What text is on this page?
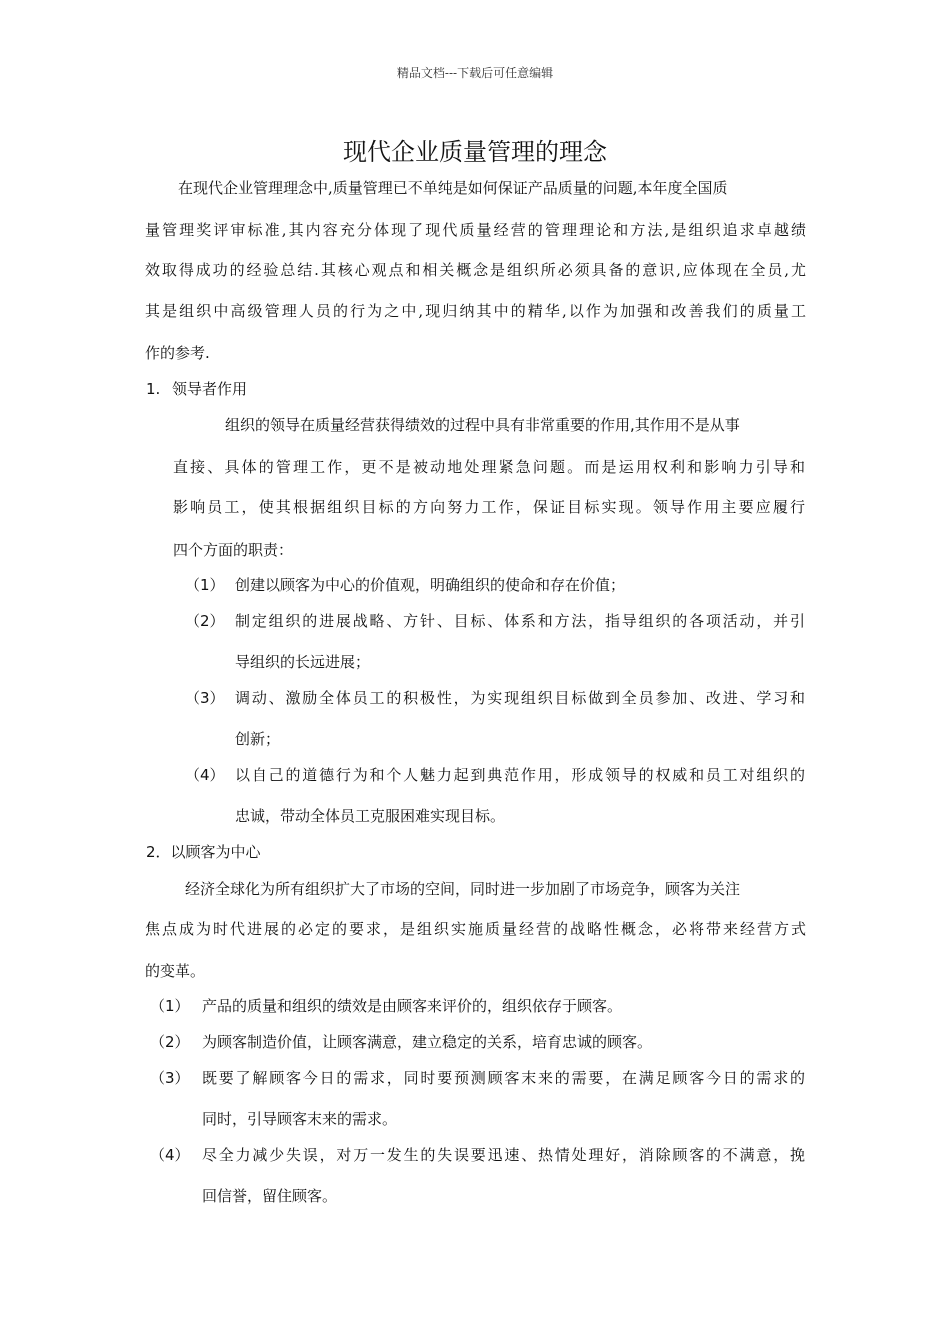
精品文档---下载后可任意编辑
现代企业质量管理的理念
在现代企业管理理念中,质量管理已不单纯是如何保证产品质量的问题,本年度全国质
量管理奖评审标准,其内容充分体现了现代质量经营的管理理论和方法,是组织追求卓越绩
效取得成功的经验总结.其核心观点和相关概念是组织所必须具备的意识,应体现在全员,尤
其是组织中高级管理人员的行为之中,现归纳其中的精华,以作为加强和改善我们的质量工
作的参考.
1. 领导者作用
组织的领导在质量经营获得绩效的过程中具有非常重要的作用,其作用不是从事
直接、具体的管理工作，更不是被动地处理紧急问题。而是运用权利和影响力引导和
影响员工，使其根据组织目标的方向努力工作，保证目标实现。领导作用主要应履行
四个方面的职责：
（1） 创建以顾客为中心的价值观，明确组织的使命和存在价值；
（2） 制定组织的进展战略、方针、目标、体系和方法，指导组织的各项活动，并引
导组织的长远进展；
（3） 调动、激励全体员工的积极性，为实现组织目标做到全员参加、改进、学习和
创新；
（4） 以自己的道德行为和个人魅力起到典范作用，形成领导的权威和员工对组织的
忠诚，带动全体员工克服困难实现目标。
2．以顾客为中心
经济全球化为所有组织扩大了市场的空间，同时进一步加剧了市场竞争，顾客为关注
焦点成为时代进展的必定的要求，是组织实施质量经营的战略性概念，必将带来经营方式
的变革。
（1） 产品的质量和组织的绩效是由顾客来评价的，组织依存于顾客。
（2） 为顾客制造价值，让顾客满意，建立稳定的关系，培育忠诚的顾客。
（3） 既要了解顾客今日的需求，同时要预测顾客末来的需要，在满足顾客今日的需求的
同时，引导顾客末来的需求。
（4） 尽全力减少失误，对万一发生的失误要迅速、热情处理好，消除顾客的不满意，挽
回信誉，留住顾客。
